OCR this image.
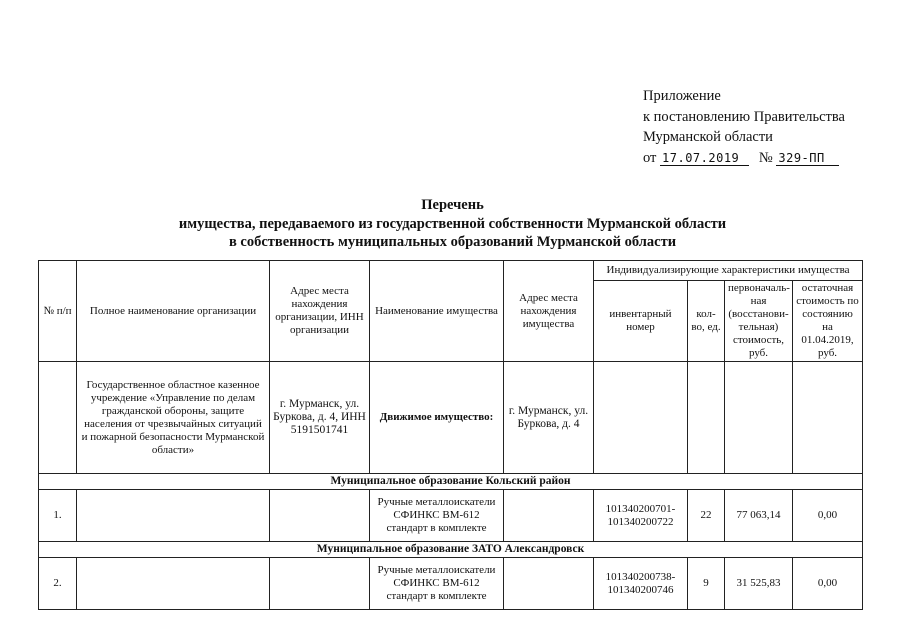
Приложение
к постановлению Правительства
Мурманской области
от 17.07.2019 № 329-ПП
Перечень
имущества, передаваемого из государственной собственности Мурманской области
в собственность муниципальных образований Мурманской области
№ п/п	Полное наименование организации	Адрес места нахождения организации, ИНН организации	Наименование имущества	Адрес места нахождения имущества	Индивидуализирующие характеристики имущества			
					инвентарный номер	кол-во, ед.	первоначаль-ная (восстанови-тельная) стоимость, руб.	остаточная стоимость по состоянию на 01.04.2019, руб.
	Государственное областное казенное учреждение «Управление по делам гражданской обороны, защите населения от чрезвычайных ситуаций и пожарной безопасности Мурманской области»	г. Мурманск, ул. Буркова, д. 4, ИНН 5191501741	Движимое имущество:	г. Мурманск, ул. Буркова, д. 4				
Муниципальное образование Кольский район								
1.			Ручные металлоискатели СФИНКС ВМ-612 стандарт в комплекте		101340200701-101340200722	22	77 063,14	0,00
Муниципальное образование ЗАТО Александровск								
2.			Ручные металлоискатели СФИНКС ВМ-612 стандарт в комплекте		101340200738-101340200746	9	31 525,83	0,00
